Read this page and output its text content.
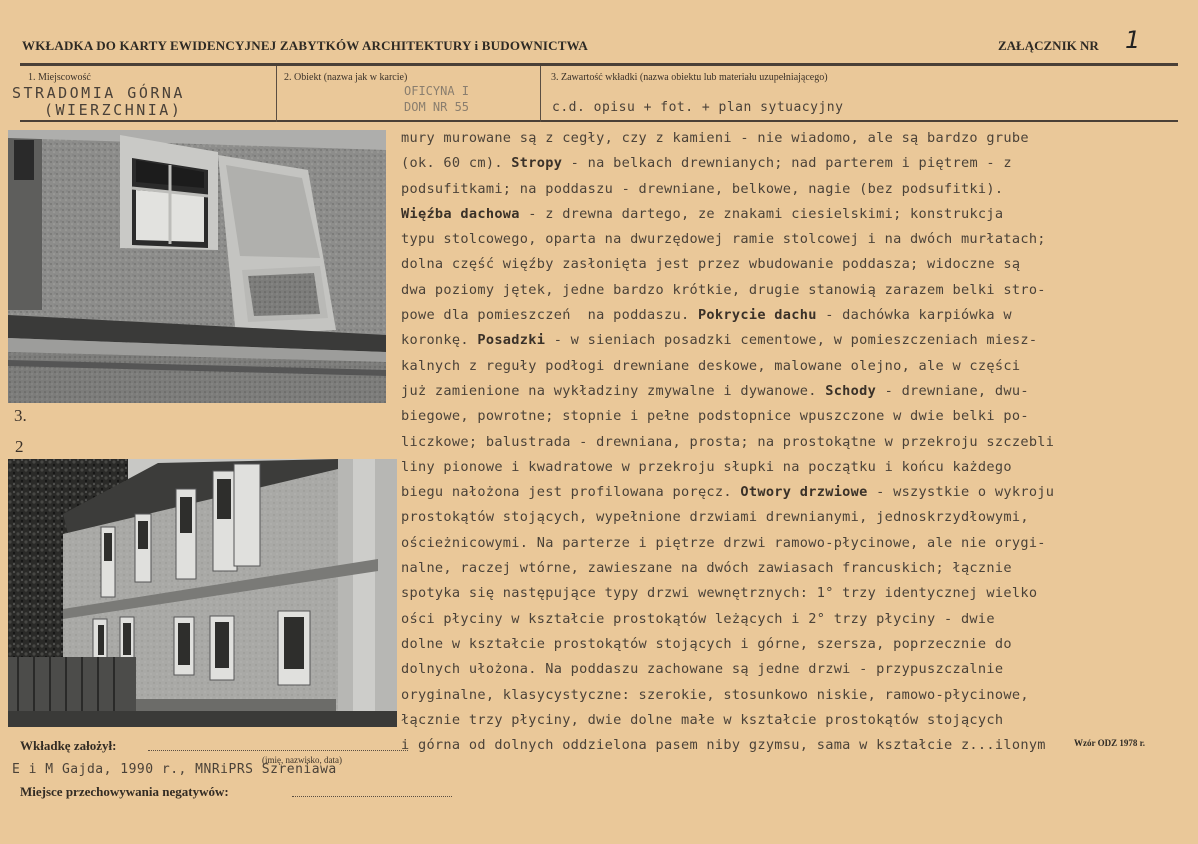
WKŁADKA DO KARTY EWIDENCYJNEJ ZABYTKÓW ARCHITEKTURY i BUDOWNICTWA	ZAŁĄCZNIK NR 1
1. Miejscowość
STRADOMIA GÓRNA
(WIERZCHNIA)
2. Obiekt (nazwa jak w karcie)
OFICYNA I
DOM NR 55
3. Zawartość wkładki (nazwa obiektu lub materiału uzupełniającego)
c.d. opisu + fot. + plan sytuacyjny
3.
2
mury murowane są z cegły, czy z kamieni - nie wiadomo, ale są bardzo grube
(ok. 60 cm). Stropy - na belkach drewnianych; nad parterem i piętrem - z
podsufitkami; na poddaszu - drewniane, belkowe, nagie (bez podsufitki).
Więźba dachowa - z drewna dartego, ze znakami ciesielskimi; konstrukcja
typu stolcowego, oparta na dwurzędowej ramie stolcowej i na dwóch murłatach;
dolna część więźby zasłonięta jest przez wbudowanie poddasza; widoczne są
dwa poziomy jętek, jedne bardzo krótkie, drugie stanowią zarazem belki stro-
powe dla pomieszczeń  na poddaszu. Pokrycie dachu - dachówka karpiówka w
koronkę. Posadzki - w sieniach posadzki cementowe, w pomieszczeniach miesz-
kalnych z reguły podłogi drewniane deskowe, malowane olejno, ale w części
już zamienione na wykładziny zmywalne i dywanowe. Schody - drewniane, dwu-
biegowe, powrotne; stopnie i pełne podstopnice wpuszczone w dwie belki po-
liczkowe; balustrada - drewniana, prosta; na prostokątne w przekroju szczebli
liny pionowe i kwadratowe w przekroju słupki na początku i końcu każdego
biegu nałożona jest profilowana poręcz. Otwory drzwiowe - wszystkie o wykroju
prostokątów stojących, wypełnione drzwiami drewnianymi, jednoskrzydłowymi,
ościeżnicowymi. Na parterze i piętrze drzwi ramowo-płycinowe, ale nie orygi-
nalne, raczej wtórne, zawieszane na dwóch zawiasach francuskich; łącznie
spotyka się następujące typy drzwi wewnętrznych: 1° trzy identycznej wielko
ości płyciny w kształcie prostokątów leżących i 2° trzy płyciny - dwie
dolne w kształcie prostokątów stojących i górne, szersza, poprzecznie do
dolnych ułożona. Na poddaszu zachowane są jedne drzwi - przypuszczalnie
oryginalne, klasycystyczne: szerokie, stosunkowo niskie, ramowo-płycinowe,
łącznie trzy płyciny, dwie dolne małe w kształcie prostokątów stojących
i górna od dolnych oddzielona pasem niby gzymsu, sama w kształcie z...ilonym
Wkładkę założył:
(imię, nazwisko, data)
E i M Gajda, 1990 r., MNRiPRS Szreniawa
Miejsce przechowywania negatywów:
Wzór ODZ 1978 r.
